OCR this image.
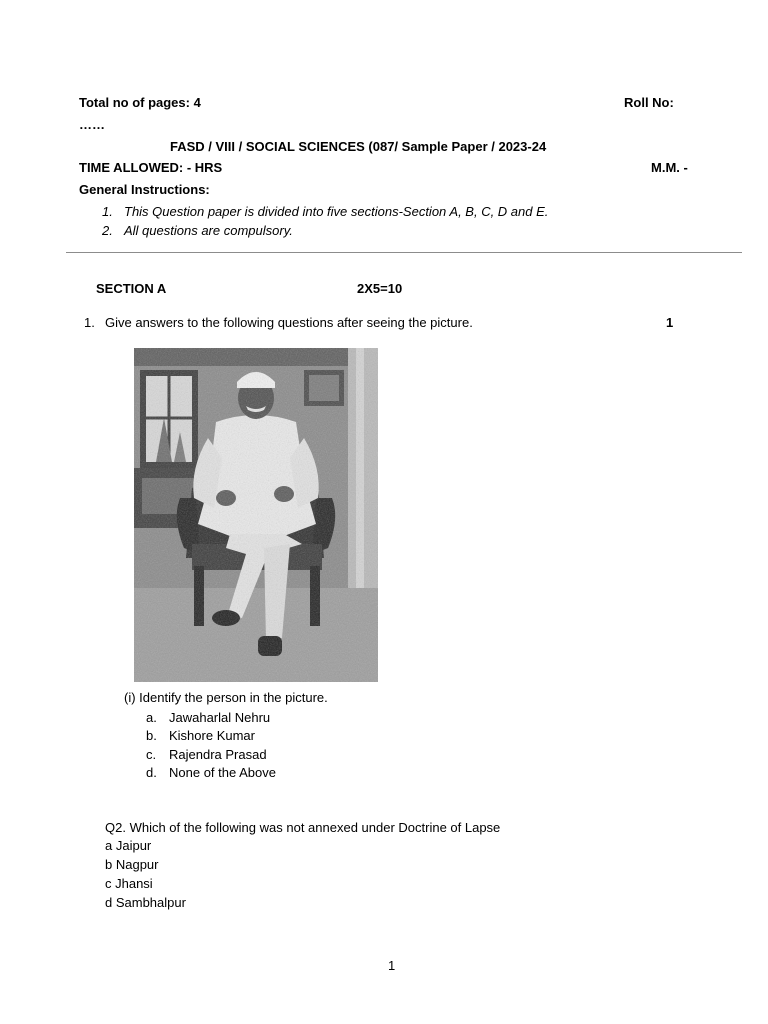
Total no of pages: 4	Roll No:
……
FASD / VIII / SOCIAL SCIENCES (087/ Sample Paper / 2023-24
TIME ALLOWED: - HRS	M.M. -
General Instructions:
1. This Question paper is divided into five sections-Section A, B, C, D and E.
2. All questions are compulsory.
SECTION A	2X5=10
1. Give answers to the following questions after seeing the picture.	1
(i) Identify the person in the picture.
a. Jawaharlal Nehru
b. Kishore Kumar
c. Rajendra Prasad
d. None of the Above
Q2. Which of the following was not annexed under Doctrine of Lapse
a Jaipur
b Nagpur
c Jhansi
d Sambhalpur
1
